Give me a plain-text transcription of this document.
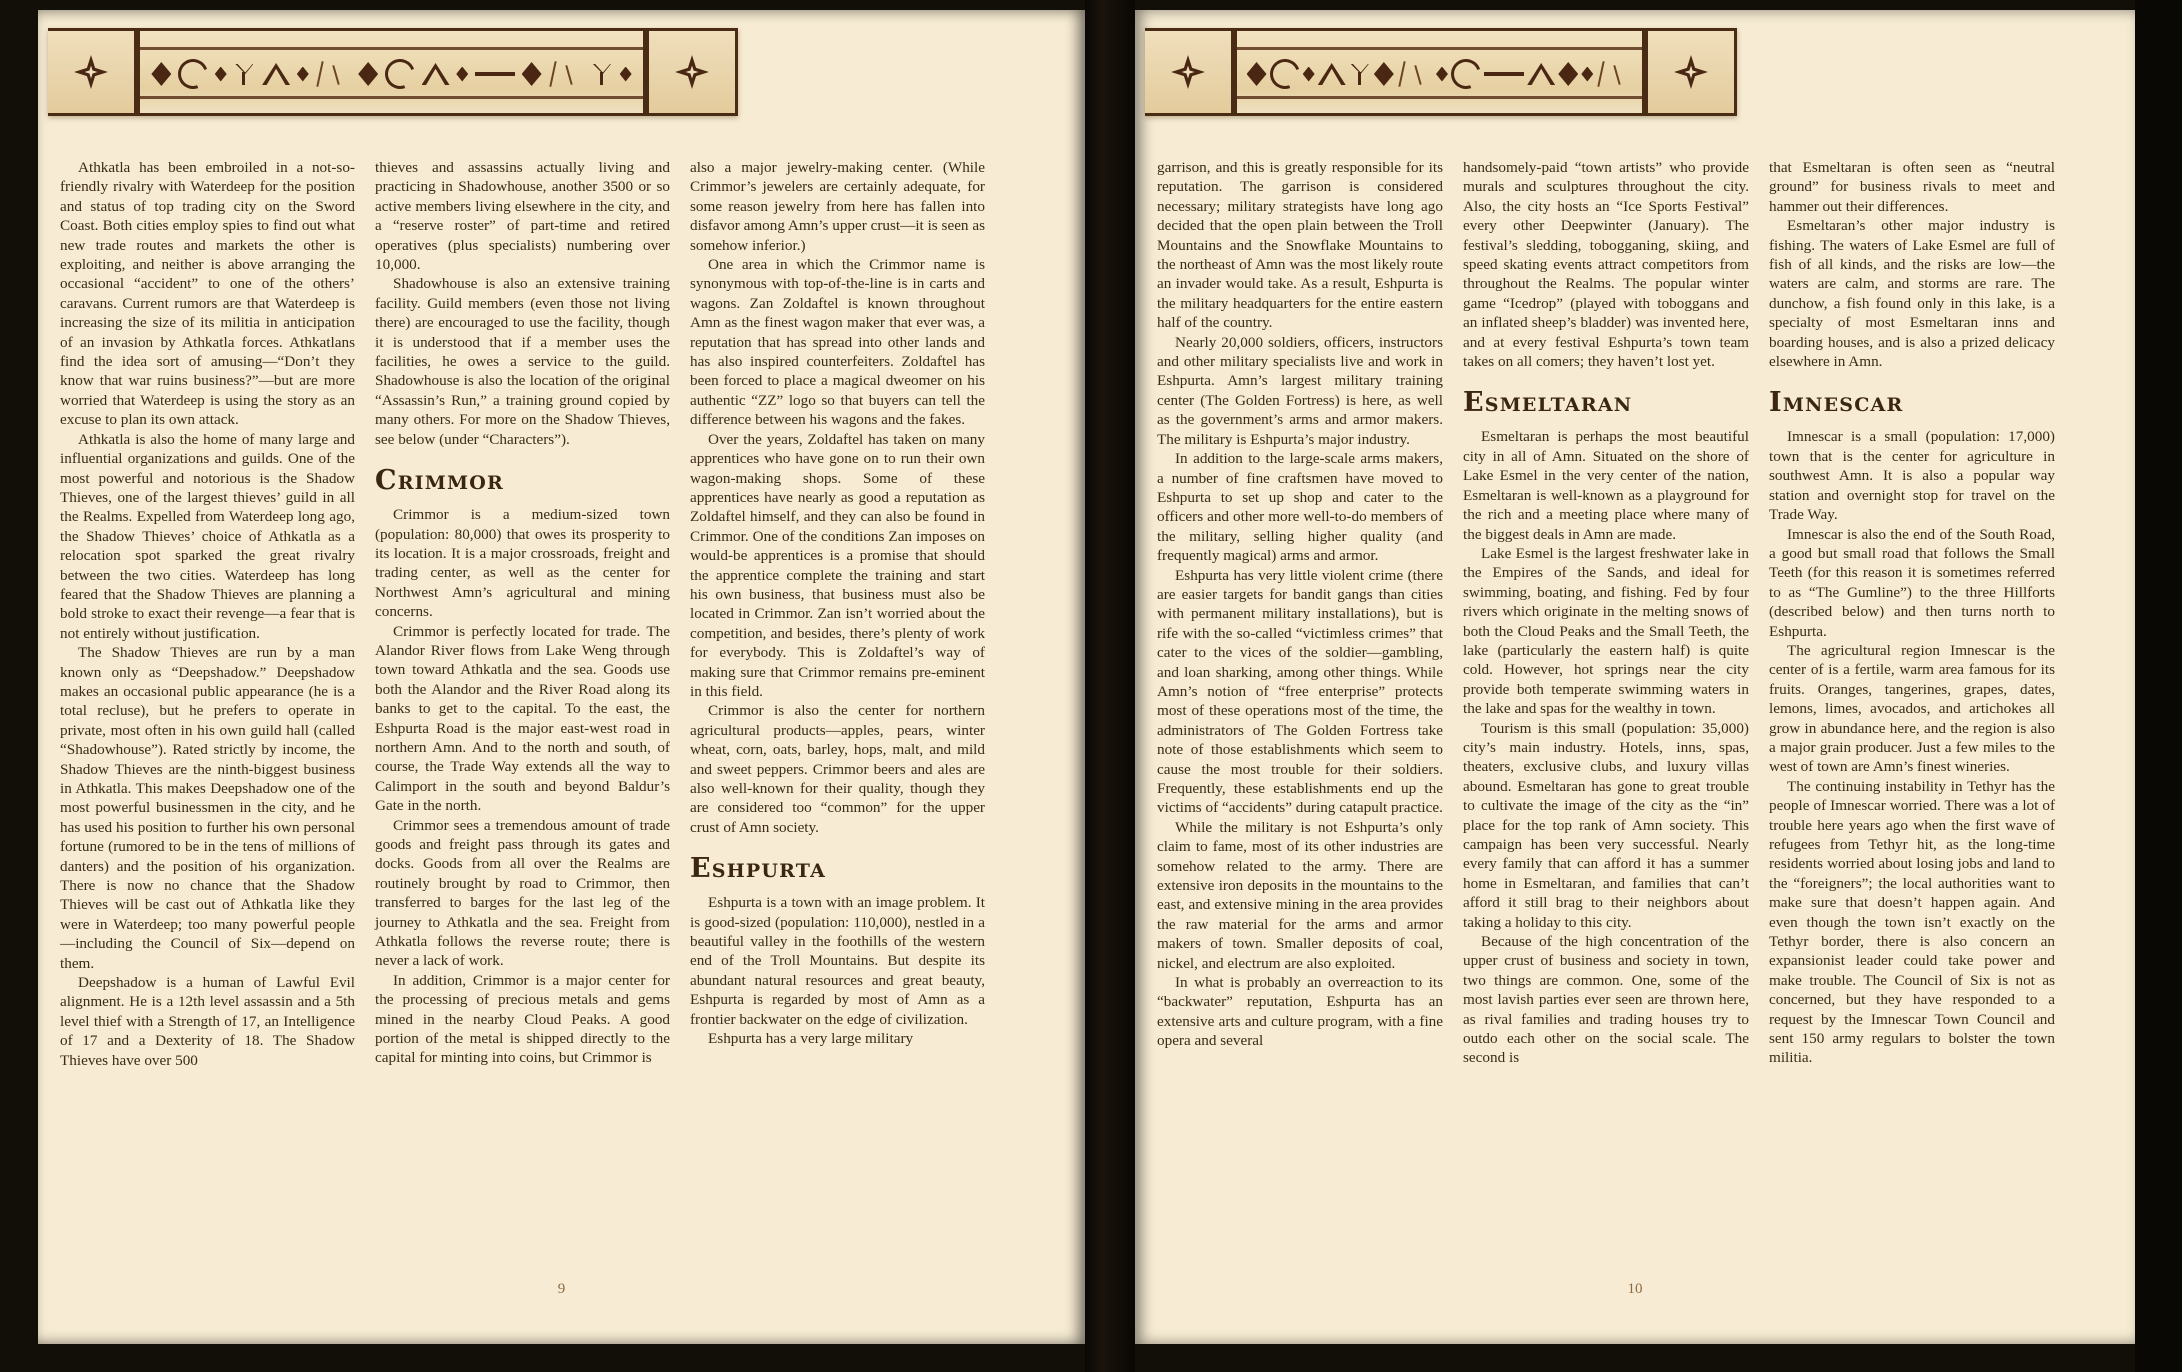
Athkatla has been embroiled in a not-so-friendly rivalry with Waterdeep for the position and status of top trading city on the Sword Coast. Both cities employ spies to find out what new trade routes and markets the other is exploiting, and neither is above arranging the occasional “accident” to one of the others’ caravans. Current rumors are that Waterdeep is increasing the size of its militia in anticipation of an invasion by Athkatla forces. Athkatlans find the idea sort of amusing—“Don’t they know that war ruins business?”—but are more worried that Waterdeep is using the story as an excuse to plan its own attack.

Athkatla is also the home of many large and influential organizations and guilds. One of the most powerful and notorious is the Shadow Thieves, one of the largest thieves’ guild in all the Realms. Expelled from Waterdeep long ago, the Shadow Thieves’ choice of Athkatla as a relocation spot sparked the great rivalry between the two cities. Waterdeep has long feared that the Shadow Thieves are planning a bold stroke to exact their revenge—a fear that is not entirely without justification.

The Shadow Thieves are run by a man known only as “Deepshadow.” Deepshadow makes an occasional public appearance (he is a total recluse), but he prefers to operate in private, most often in his own guild hall (called “Shadowhouse”). Rated strictly by income, the Shadow Thieves are the ninth-biggest business in Athkatla. This makes Deepshadow one of the most powerful businessmen in the city, and he has used his position to further his own personal fortune (rumored to be in the tens of millions of danters) and the position of his organization. There is now no chance that the Shadow Thieves will be cast out of Athkatla like they were in Waterdeep; too many powerful people—including the Council of Six—depend on them.

Deepshadow is a human of Lawful Evil alignment. He is a 12th level assassin and a 5th level thief with a Strength of 17, an Intelligence of 17 and a Dexterity of 18. The Shadow Thieves have over 500

thieves and assassins actually living and practicing in Shadowhouse, another 3500 or so active members living elsewhere in the city, and a “reserve roster” of part-time and retired operatives (plus specialists) numbering over 10,000.

Shadowhouse is also an extensive training facility. Guild members (even those not living there) are encouraged to use the facility, though it is understood that if a member uses the facilities, he owes a service to the guild. Shadowhouse is also the location of the original “Assassin’s Run,” a training ground copied by many others. For more on the Shadow Thieves, see below (under “Characters”).

Crimmor

Crimmor is a medium-sized town (population: 80,000) that owes its prosperity to its location. It is a major crossroads, freight and trading center, as well as the center for Northwest Amn’s agricultural and mining concerns.

Crimmor is perfectly located for trade. The Alandor River flows from Lake Weng through town toward Athkatla and the sea. Goods use both the Alandor and the River Road along its banks to get to the capital. To the east, the Eshpurta Road is the major east-west road in northern Amn. And to the north and south, of course, the Trade Way extends all the way to Calimport in the south and beyond Baldur’s Gate in the north.

Crimmor sees a tremendous amount of trade goods and freight pass through its gates and docks. Goods from all over the Realms are routinely brought by road to Crimmor, then transferred to barges for the last leg of the journey to Athkatla and the sea. Freight from Athkatla follows the reverse route; there is never a lack of work.

In addition, Crimmor is a major center for the processing of precious metals and gems mined in the nearby Cloud Peaks. A good portion of the metal is shipped directly to the capital for minting into coins, but Crimmor is

also a major jewelry-making center. (While Crimmor’s jewelers are certainly adequate, for some reason jewelry from here has fallen into disfavor among Amn’s upper crust—it is seen as somehow inferior.)

One area in which the Crimmor name is synonymous with top-of-the-line is in carts and wagons. Zan Zoldaftel is known throughout Amn as the finest wagon maker that ever was, a reputation that has spread into other lands and has also inspired counterfeiters. Zoldaftel has been forced to place a magical dweomer on his authentic “ZZ” logo so that buyers can tell the difference between his wagons and the fakes.

Over the years, Zoldaftel has taken on many apprentices who have gone on to run their own wagon-making shops. Some of these apprentices have nearly as good a reputation as Zoldaftel himself, and they can also be found in Crimmor. One of the conditions Zan imposes on would-be apprentices is a promise that should the apprentice complete the training and start his own business, that business must also be located in Crimmor. Zan isn’t worried about the competition, and besides, there’s plenty of work for everybody. This is Zoldaftel’s way of making sure that Crimmor remains pre-eminent in this field.

Crimmor is also the center for northern agricultural products—apples, pears, winter wheat, corn, oats, barley, hops, malt, and mild and sweet peppers. Crimmor beers and ales are also well-known for their quality, though they are considered too “common” for the upper crust of Amn society.

Eshpurta

Eshpurta is a town with an image problem. It is good-sized (population: 110,000), nestled in a beautiful valley in the foothills of the western end of the Troll Mountains. But despite its abundant natural resources and great beauty, Eshpurta is regarded by most of Amn as a frontier backwater on the edge of civilization.

Eshpurta has a very large military

9

garrison, and this is greatly responsible for its reputation. The garrison is considered necessary; military strategists have long ago decided that the open plain between the Troll Mountains and the Snowflake Mountains to the northeast of Amn was the most likely route an invader would take. As a result, Eshpurta is the military headquarters for the entire eastern half of the country.

Nearly 20,000 soldiers, officers, instructors and other military specialists live and work in Eshpurta. Amn’s largest military training center (The Golden Fortress) is here, as well as the government’s arms and armor makers. The military is Eshpurta’s major industry.

In addition to the large-scale arms makers, a number of fine craftsmen have moved to Eshpurta to set up shop and cater to the officers and other more well-to-do members of the military, selling higher quality (and frequently magical) arms and armor.

Eshpurta has very little violent crime (there are easier targets for bandit gangs than cities with permanent military installations), but is rife with the so-called “victimless crimes” that cater to the vices of the soldier—gambling, and loan sharking, among other things. While Amn’s notion of “free enterprise” protects most of these operations most of the time, the administrators of The Golden Fortress take note of those establishments which seem to cause the most trouble for their soldiers. Frequently, these establishments end up the victims of “accidents” during catapult practice.

While the military is not Eshpurta’s only claim to fame, most of its other industries are somehow related to the army. There are extensive iron deposits in the mountains to the east, and extensive mining in the area provides the raw material for the arms and armor makers of town. Smaller deposits of coal, nickel, and electrum are also exploited.

In what is probably an overreaction to its “backwater” reputation, Eshpurta has an extensive arts and culture program, with a fine opera and several

handsomely-paid “town artists” who provide murals and sculptures throughout the city. Also, the city hosts an “Ice Sports Festival” every other Deepwinter (January). The festival’s sledding, tobogganing, skiing, and speed skating events attract competitors from throughout the Realms. The popular winter game “Icedrop” (played with toboggans and an inflated sheep’s bladder) was invented here, and at every festival Eshpurta’s town team takes on all comers; they haven’t lost yet.

Esmeltaran

Esmeltaran is perhaps the most beautiful city in all of Amn. Situated on the shore of Lake Esmel in the very center of the nation, Esmeltaran is well-known as a playground for the rich and a meeting place where many of the biggest deals in Amn are made.

Lake Esmel is the largest freshwater lake in the Empires of the Sands, and ideal for swimming, boating, and fishing. Fed by four rivers which originate in the melting snows of both the Cloud Peaks and the Small Teeth, the lake (particularly the eastern half) is quite cold. However, hot springs near the city provide both temperate swimming waters in the lake and spas for the wealthy in town.

Tourism is this small (population: 35,000) city’s main industry. Hotels, inns, spas, theaters, exclusive clubs, and luxury villas abound. Esmeltaran has gone to great trouble to cultivate the image of the city as the “in” place for the top rank of Amn society. This campaign has been very successful. Nearly every family that can afford it has a summer home in Esmeltaran, and families that can’t afford it still brag to their neighbors about taking a holiday to this city.

Because of the high concentration of the upper crust of business and society in town, two things are common. One, some of the most lavish parties ever seen are thrown here, as rival families and trading houses try to outdo each other on the social scale. The second is

that Esmeltaran is often seen as “neutral ground” for business rivals to meet and hammer out their differences.

Esmeltaran’s other major industry is fishing. The waters of Lake Esmel are full of fish of all kinds, and the risks are low—the waters are calm, and storms are rare. The dunchow, a fish found only in this lake, is a specialty of most Esmeltaran inns and boarding houses, and is also a prized delicacy elsewhere in Amn.

Imnescar

Imnescar is a small (population: 17,000) town that is the center for agriculture in southwest Amn. It is also a popular way station and overnight stop for travel on the Trade Way.

Imnescar is also the end of the South Road, a good but small road that follows the Small Teeth (for this reason it is sometimes referred to as “The Gumline”) to the three Hillforts (described below) and then turns north to Eshpurta.

The agricultural region Imnescar is the center of is a fertile, warm area famous for its fruits. Oranges, tangerines, grapes, dates, lemons, limes, avocados, and artichokes all grow in abundance here, and the region is also a major grain producer. Just a few miles to the west of town are Amn’s finest wineries.

The continuing instability in Tethyr has the people of Imnescar worried. There was a lot of trouble here years ago when the first wave of refugees from Tethyr hit, as the long-time residents worried about losing jobs and land to the “foreigners”; the local authorities want to make sure that doesn’t happen again. And even though the town isn’t exactly on the Tethyr border, there is also concern an expansionist leader could take power and make trouble. The Council of Six is not as concerned, but they have responded to a request by the Imnescar Town Council and sent 150 army regulars to bolster the town militia.

10
